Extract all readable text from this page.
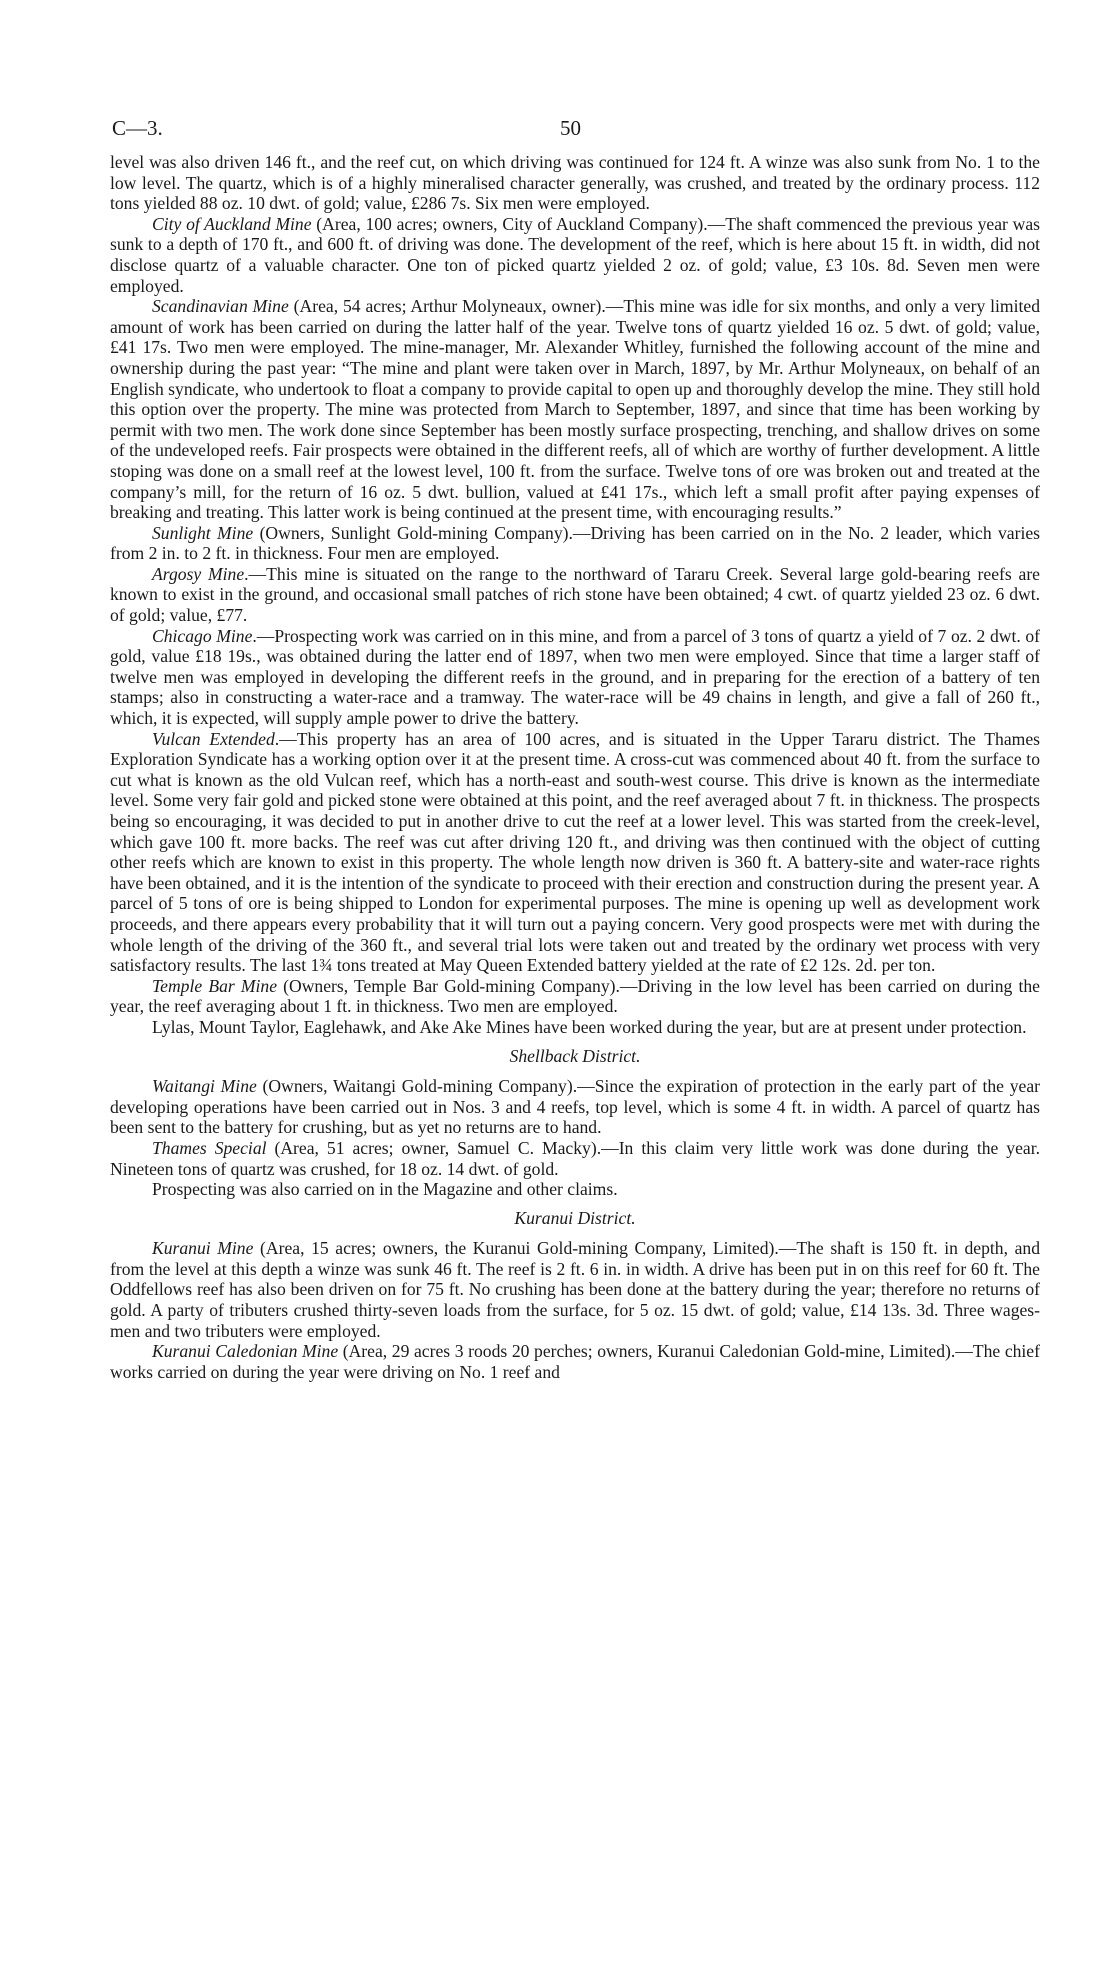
C—3.	50

level was also driven 146 ft., and the reef cut, on which driving was continued for 124 ft. A winze was also sunk from No. 1 to the low level. The quartz, which is of a highly mineralised character generally, was crushed, and treated by the ordinary process. 112 tons yielded 88 oz. 10 dwt. of gold; value, £286 7s. Six men were employed.

City of Auckland Mine (Area, 100 acres; owners, City of Auckland Company).—The shaft commenced the previous year was sunk to a depth of 170 ft., and 600 ft. of driving was done. The development of the reef, which is here about 15 ft. in width, did not disclose quartz of a valuable character. One ton of picked quartz yielded 2 oz. of gold; value, £3 10s. 8d. Seven men were employed.

Scandinavian Mine (Area, 54 acres; Arthur Molyneaux, owner).—This mine was idle for six months, and only a very limited amount of work has been carried on during the latter half of the year. Twelve tons of quartz yielded 16 oz. 5 dwt. of gold; value, £41 17s. Two men were employed. The mine-manager, Mr. Alexander Whitley, furnished the following account of the mine and ownership during the past year: “The mine and plant were taken over in March, 1897, by Mr. Arthur Molyneaux, on behalf of an English syndicate, who undertook to float a company to provide capital to open up and thoroughly develop the mine. They still hold this option over the property. The mine was protected from March to September, 1897, and since that time has been working by permit with two men. The work done since September has been mostly surface prospecting, trenching, and shallow drives on some of the undeveloped reefs. Fair prospects were obtained in the different reefs, all of which are worthy of further development. A little stoping was done on a small reef at the lowest level, 100 ft. from the surface. Twelve tons of ore was broken out and treated at the company’s mill, for the return of 16 oz. 5 dwt. bullion, valued at £41 17s., which left a small profit after paying expenses of breaking and treating. This latter work is being continued at the present time, with encouraging results.”

Sunlight Mine (Owners, Sunlight Gold-mining Company).—Driving has been carried on in the No. 2 leader, which varies from 2 in. to 2 ft. in thickness. Four men are employed.

Argosy Mine.—This mine is situated on the range to the northward of Tararu Creek. Several large gold-bearing reefs are known to exist in the ground, and occasional small patches of rich stone have been obtained; 4 cwt. of quartz yielded 23 oz. 6 dwt. of gold; value, £77.

Chicago Mine.—Prospecting work was carried on in this mine, and from a parcel of 3 tons of quartz a yield of 7 oz. 2 dwt. of gold, value £18 19s., was obtained during the latter end of 1897, when two men were employed. Since that time a larger staff of twelve men was employed in developing the different reefs in the ground, and in preparing for the erection of a battery of ten stamps; also in constructing a water-race and a tramway. The water-race will be 49 chains in length, and give a fall of 260 ft., which, it is expected, will supply ample power to drive the battery.

Vulcan Extended.—This property has an area of 100 acres, and is situated in the Upper Tararu district. The Thames Exploration Syndicate has a working option over it at the present time. A cross-cut was commenced about 40 ft. from the surface to cut what is known as the old Vulcan reef, which has a north-east and south-west course. This drive is known as the intermediate level. Some very fair gold and picked stone were obtained at this point, and the reef averaged about 7 ft. in thickness. The prospects being so encouraging, it was decided to put in another drive to cut the reef at a lower level. This was started from the creek-level, which gave 100 ft. more backs. The reef was cut after driving 120 ft., and driving was then continued with the object of cutting other reefs which are known to exist in this property. The whole length now driven is 360 ft. A battery-site and water-race rights have been obtained, and it is the intention of the syndicate to proceed with their erection and construction during the present year. A parcel of 5 tons of ore is being shipped to London for experimental purposes. The mine is opening up well as development work proceeds, and there appears every probability that it will turn out a paying concern. Very good prospects were met with during the whole length of the driving of the 360 ft., and several trial lots were taken out and treated by the ordinary wet process with very satisfactory results. The last 1¾ tons treated at May Queen Extended battery yielded at the rate of £2 12s. 2d. per ton.

Temple Bar Mine (Owners, Temple Bar Gold-mining Company).—Driving in the low level has been carried on during the year, the reef averaging about 1 ft. in thickness. Two men are employed.

Lylas, Mount Taylor, Eaglehawk, and Ake Ake Mines have been worked during the year, but are at present under protection.

Shellback District.

Waitangi Mine (Owners, Waitangi Gold-mining Company).—Since the expiration of protection in the early part of the year developing operations have been carried out in Nos. 3 and 4 reefs, top level, which is some 4 ft. in width. A parcel of quartz has been sent to the battery for crushing, but as yet no returns are to hand.

Thames Special (Area, 51 acres; owner, Samuel C. Macky).—In this claim very little work was done during the year. Nineteen tons of quartz was crushed, for 18 oz. 14 dwt. of gold.

Prospecting was also carried on in the Magazine and other claims.

Kuranui District.

Kuranui Mine (Area, 15 acres; owners, the Kuranui Gold-mining Company, Limited).—The shaft is 150 ft. in depth, and from the level at this depth a winze was sunk 46 ft. The reef is 2 ft. 6 in. in width. A drive has been put in on this reef for 60 ft. The Oddfellows reef has also been driven on for 75 ft. No crushing has been done at the battery during the year; therefore no returns of gold. A party of tributers crushed thirty-seven loads from the surface, for 5 oz. 15 dwt. of gold; value, £14 13s. 3d. Three wages-men and two tributers were employed.

Kuranui Caledonian Mine (Area, 29 acres 3 roods 20 perches; owners, Kuranui Caledonian Gold-mine, Limited).—The chief works carried on during the year were driving on No. 1 reef and
